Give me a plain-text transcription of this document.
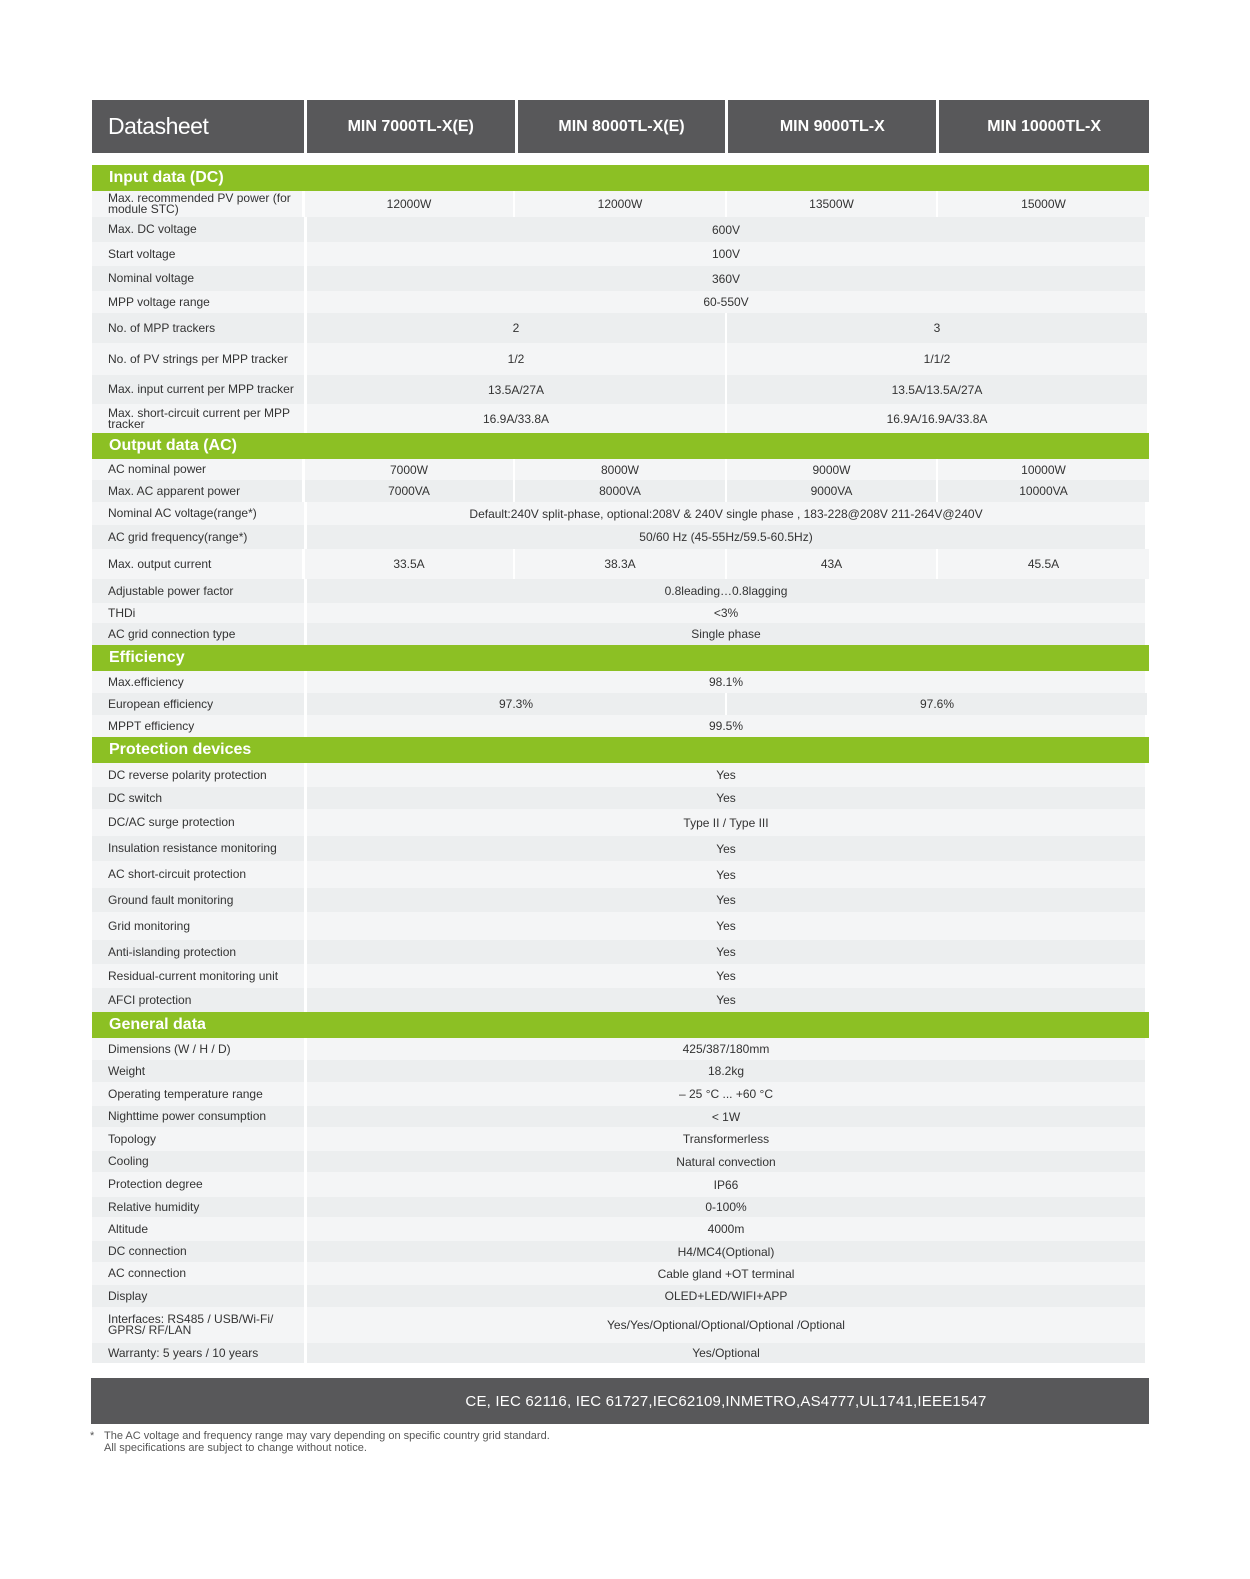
Datasheet	MIN 7000TL-X(E)	MIN 8000TL-X(E)	MIN 9000TL-X	MIN 10000TL-X
Input data (DC)
Max. recommended PV power (for module STC)	12000W	12000W	13500W	15000W
Max. DC voltage	600V
Start voltage	100V
Nominal voltage	360V
MPP voltage range	60-550V
No. of MPP trackers	2	3
No. of PV strings per MPP tracker	1/2	1/1/2
Max. input current per MPP tracker	13.5A/27A	13.5A/13.5A/27A
Max. short-circuit current per MPP tracker	16.9A/33.8A	16.9A/16.9A/33.8A
Output data (AC)
AC nominal power	7000W	8000W	9000W	10000W
Max. AC apparent power	7000VA	8000VA	9000VA	10000VA
Nominal AC voltage(range*)	Default:240V split-phase, optional:208V & 240V single phase , 183-228@208V 211-264V@240V
AC grid frequency(range*)	50/60 Hz (45-55Hz/59.5-60.5Hz)
Max. output current	33.5A	38.3A	43A	45.5A
Adjustable power factor	0.8leading…0.8lagging
THDi	<3%
AC grid connection type	Single phase
Efficiency
Max.efficiency	98.1%
European efficiency	97.3%	97.6%
MPPT efficiency	99.5%
Protection devices
DC reverse polarity protection	Yes
DC switch	Yes
DC/AC surge protection	Type II / Type III
Insulation resistance monitoring	Yes
AC short-circuit protection	Yes
Ground fault monitoring	Yes
Grid monitoring	Yes
Anti-islanding protection	Yes
Residual-current monitoring unit	Yes
AFCI protection	Yes
General data
Dimensions (W / H / D)	425/387/180mm
Weight	18.2kg
Operating temperature range	– 25 °C ... +60 °C
Nighttime power consumption	< 1W
Topology	Transformerless
Cooling	Natural convection
Protection degree	IP66
Relative humidity	0-100%
Altitude	4000m
DC connection	H4/MC4(Optional)
AC connection	Cable gland +OT terminal
Display	OLED+LED/WIFI+APP
Interfaces: RS485 / USB/Wi-Fi/ GPRS/ RF/LAN	Yes/Yes/Optional/Optional/Optional /Optional
Warranty: 5 years / 10 years	Yes/Optional
CE, IEC 62116, IEC 61727,IEC62109,INMETRO,AS4777,UL1741,IEEE1547
* The AC voltage and frequency range may vary depending on specific country grid standard.
All specifications are subject to change without notice.
